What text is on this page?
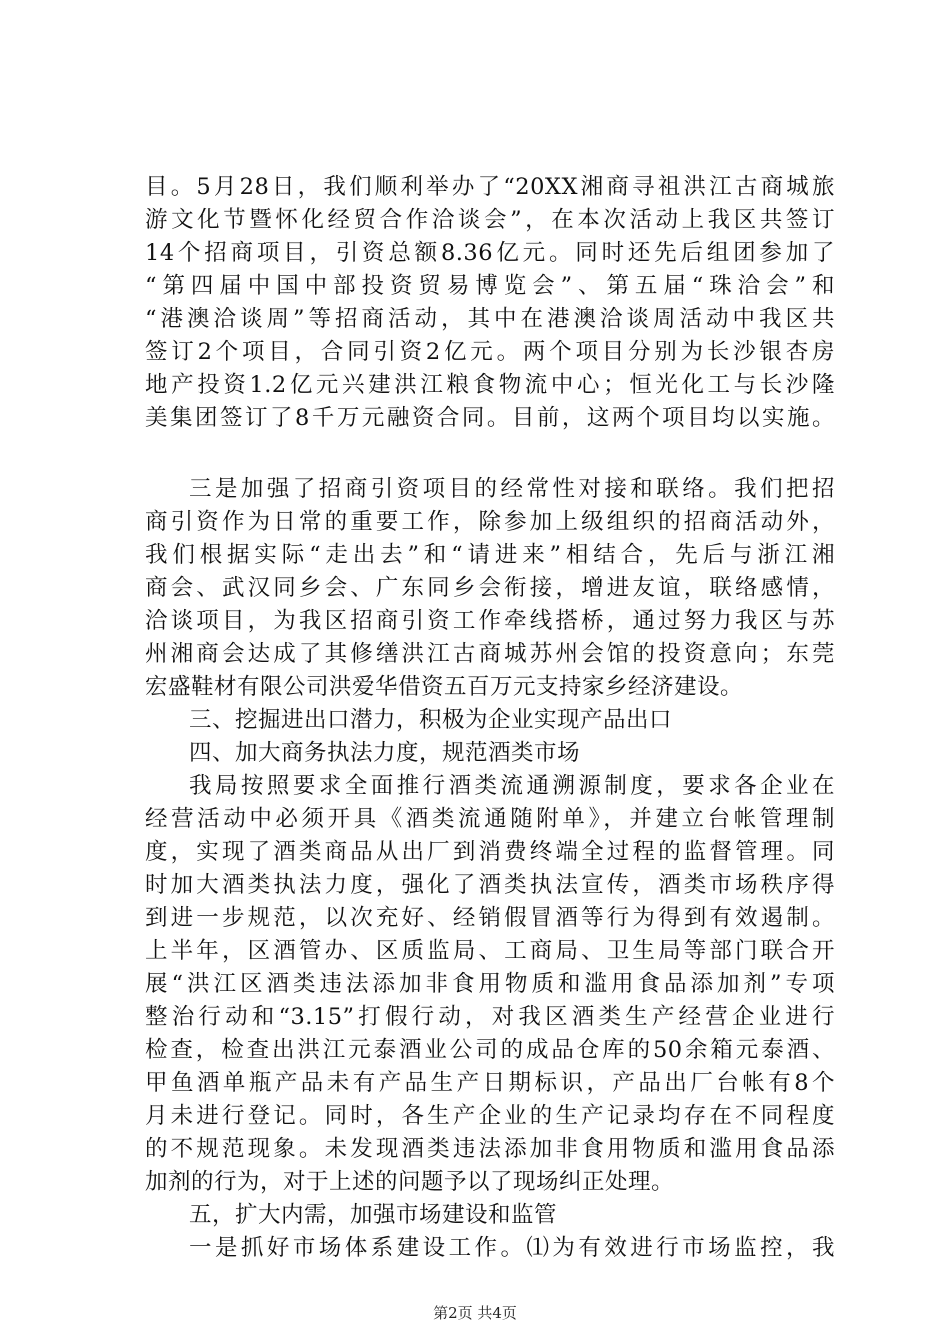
目。5月28日，我们顺利举办了“20XX湘商寻祖洪江古商城旅
游文化节暨怀化经贸合作洽谈会”，在本次活动上我区共签订
14个招商项目，引资总额8.36亿元。同时还先后组团参加了
“第四届中国中部投资贸易博览会”、第五届“珠洽会”和
“港澳洽谈周”等招商活动，其中在港澳洽谈周活动中我区共
签订2个项目，合同引资2亿元。两个项目分别为长沙银杏房
地产投资1.2亿元兴建洪江粮食物流中心；恒光化工与长沙隆
美集团签订了8千万元融资合同。目前，这两个项目均以实施。
三是加强了招商引资项目的经常性对接和联络。我们把招
商引资作为日常的重要工作，除参加上级组织的招商活动外，
我们根据实际“走出去”和“请进来”相结合，先后与浙江湘
商会、武汉同乡会、广东同乡会衔接，增进友谊，联络感情，
洽谈项目，为我区招商引资工作牵线搭桥，通过努力我区与苏
州湘商会达成了其修缮洪江古商城苏州会馆的投资意向；东莞
宏盛鞋材有限公司洪爱华借资五百万元支持家乡经济建设。
三、挖掘进出口潜力，积极为企业实现产品出口
四、加大商务执法力度，规范酒类市场
我局按照要求全面推行酒类流通溯源制度，要求各企业在
经营活动中必须开具《酒类流通随附单》，并建立台帐管理制
度，实现了酒类商品从出厂到消费终端全过程的监督管理。同
时加大酒类执法力度，强化了酒类执法宣传，酒类市场秩序得
到进一步规范，以次充好、经销假冒酒等行为得到有效遏制。
上半年，区酒管办、区质监局、工商局、卫生局等部门联合开
展“洪江区酒类违法添加非食用物质和滥用食品添加剂”专项
整治行动和“3.15”打假行动，对我区酒类生产经营企业进行
检查，检查出洪江元泰酒业公司的成品仓库的50余箱元泰酒、
甲鱼酒单瓶产品未有产品生产日期标识，产品出厂台帐有8个
月未进行登记。同时，各生产企业的生产记录均存在不同程度
的不规范现象。未发现酒类违法添加非食用物质和滥用食品添
加剂的行为，对于上述的问题予以了现场纠正处理。
五，扩大内需，加强市场建设和监管
一是抓好市场体系建设工作。⑴为有效进行市场监控，我
第2页 共4页
